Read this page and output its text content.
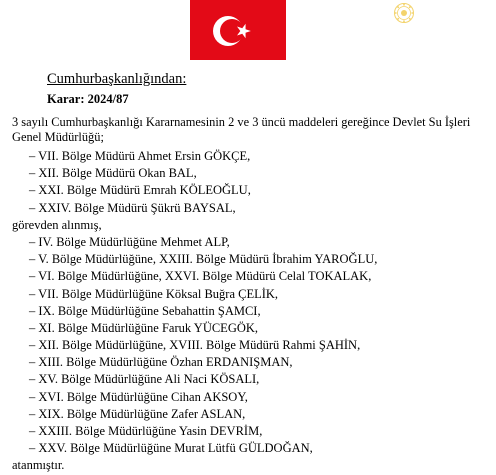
Cumhurbaşkanlığından:
Karar: 2024/87
3 sayılı Cumhurbaşkanlığı Kararnamesinin 2 ve 3 üncü maddeleri gereğince Devlet Su İşleri Genel Müdürlüğü;
– VII. Bölge Müdürü Ahmet Ersin GÖKÇE,
– XII. Bölge Müdürü Okan BAL,
– XXI. Bölge Müdürü Emrah KÖLEOĞLU,
– XXIV. Bölge Müdürü Şükrü BAYSAL,
görevden alınmış,
– IV. Bölge Müdürlüğüne Mehmet ALP,
– V. Bölge Müdürlüğüne, XXIII. Bölge Müdürü İbrahim YAROĞLU,
– VI. Bölge Müdürlüğüne, XXVI. Bölge Müdürü Celal TOKALAK,
– VII. Bölge Müdürlüğüne Köksal Buğra ÇELİK,
– IX. Bölge Müdürlüğüne Sebahattin ŞAMCI,
– XI. Bölge Müdürlüğüne Faruk YÜCEGÖK,
– XII. Bölge Müdürlüğüne, XVIII. Bölge Müdürü Rahmi ŞAHİN,
– XIII. Bölge Müdürlüğüne Özhan ERDANIŞMAN,
– XV. Bölge Müdürlüğüne Ali Naci KÖSALI,
– XVI. Bölge Müdürlüğüne Cihan AKSOY,
– XIX. Bölge Müdürlüğüne Zafer ASLAN,
– XXIII. Bölge Müdürlüğüne Yasin DEVRİM,
– XXV. Bölge Müdürlüğüne Murat Lütfü GÜLDOĞAN,
atanmıştır.
